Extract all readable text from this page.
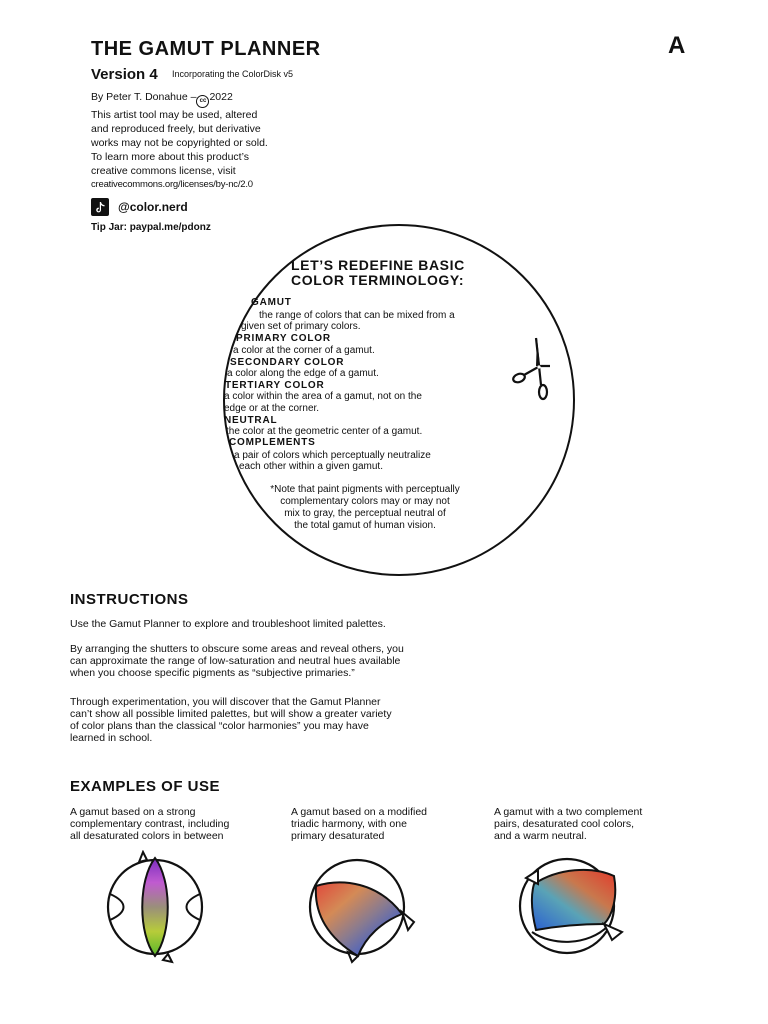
THE GAMUT PLANNER	A
Version 4 Incorporating the ColorDisk v5
By Peter T. Donahue – cc 2022
This artist tool may be used, altered
and reproduced freely, but derivative
works may not be copyrighted or sold.
To learn more about this product’s
creative commons license, visit
creativecommons.org/licenses/by-nc/2.0
@color.nerd
Tip Jar: paypal.me/pdonz
LET’S REDEFINE BASIC
COLOR TERMINOLOGY:
GAMUT
the range of colors that can be mixed from a
given set of primary colors.
PRIMARY COLOR
a color at the corner of a gamut.
SECONDARY COLOR
a color along the edge of a gamut.
TERTIARY COLOR
a color within the area of a gamut, not on the
edge or at the corner.
NEUTRAL
the color at the geometric center of a gamut.
COMPLEMENTS
a pair of colors which perceptually neutralize
each other within a given gamut.
*Note that paint pigments with perceptually
complementary colors may or may not
mix to gray, the perceptual neutral of
the total gamut of human vision.
INSTRUCTIONS
Use the Gamut Planner to explore and troubleshoot limited palettes.
By arranging the shutters to obscure some areas and reveal others, you
can approximate the range of low-saturation and neutral hues available
when you choose specific pigments as “subjective primaries.”
Through experimentation, you will discover that the Gamut Planner
can’t show all possible limited palettes, but will show a greater variety
of color plans than the classical “color harmonies” you may have
learned in school.
EXAMPLES OF USE
A gamut based on a strong
complementary contrast, including
all desaturated colors in between
A gamut based on a modified
triadic harmony, with one
primary desaturated
A gamut with a two complement
pairs, desaturated cool colors,
and a warm neutral.
